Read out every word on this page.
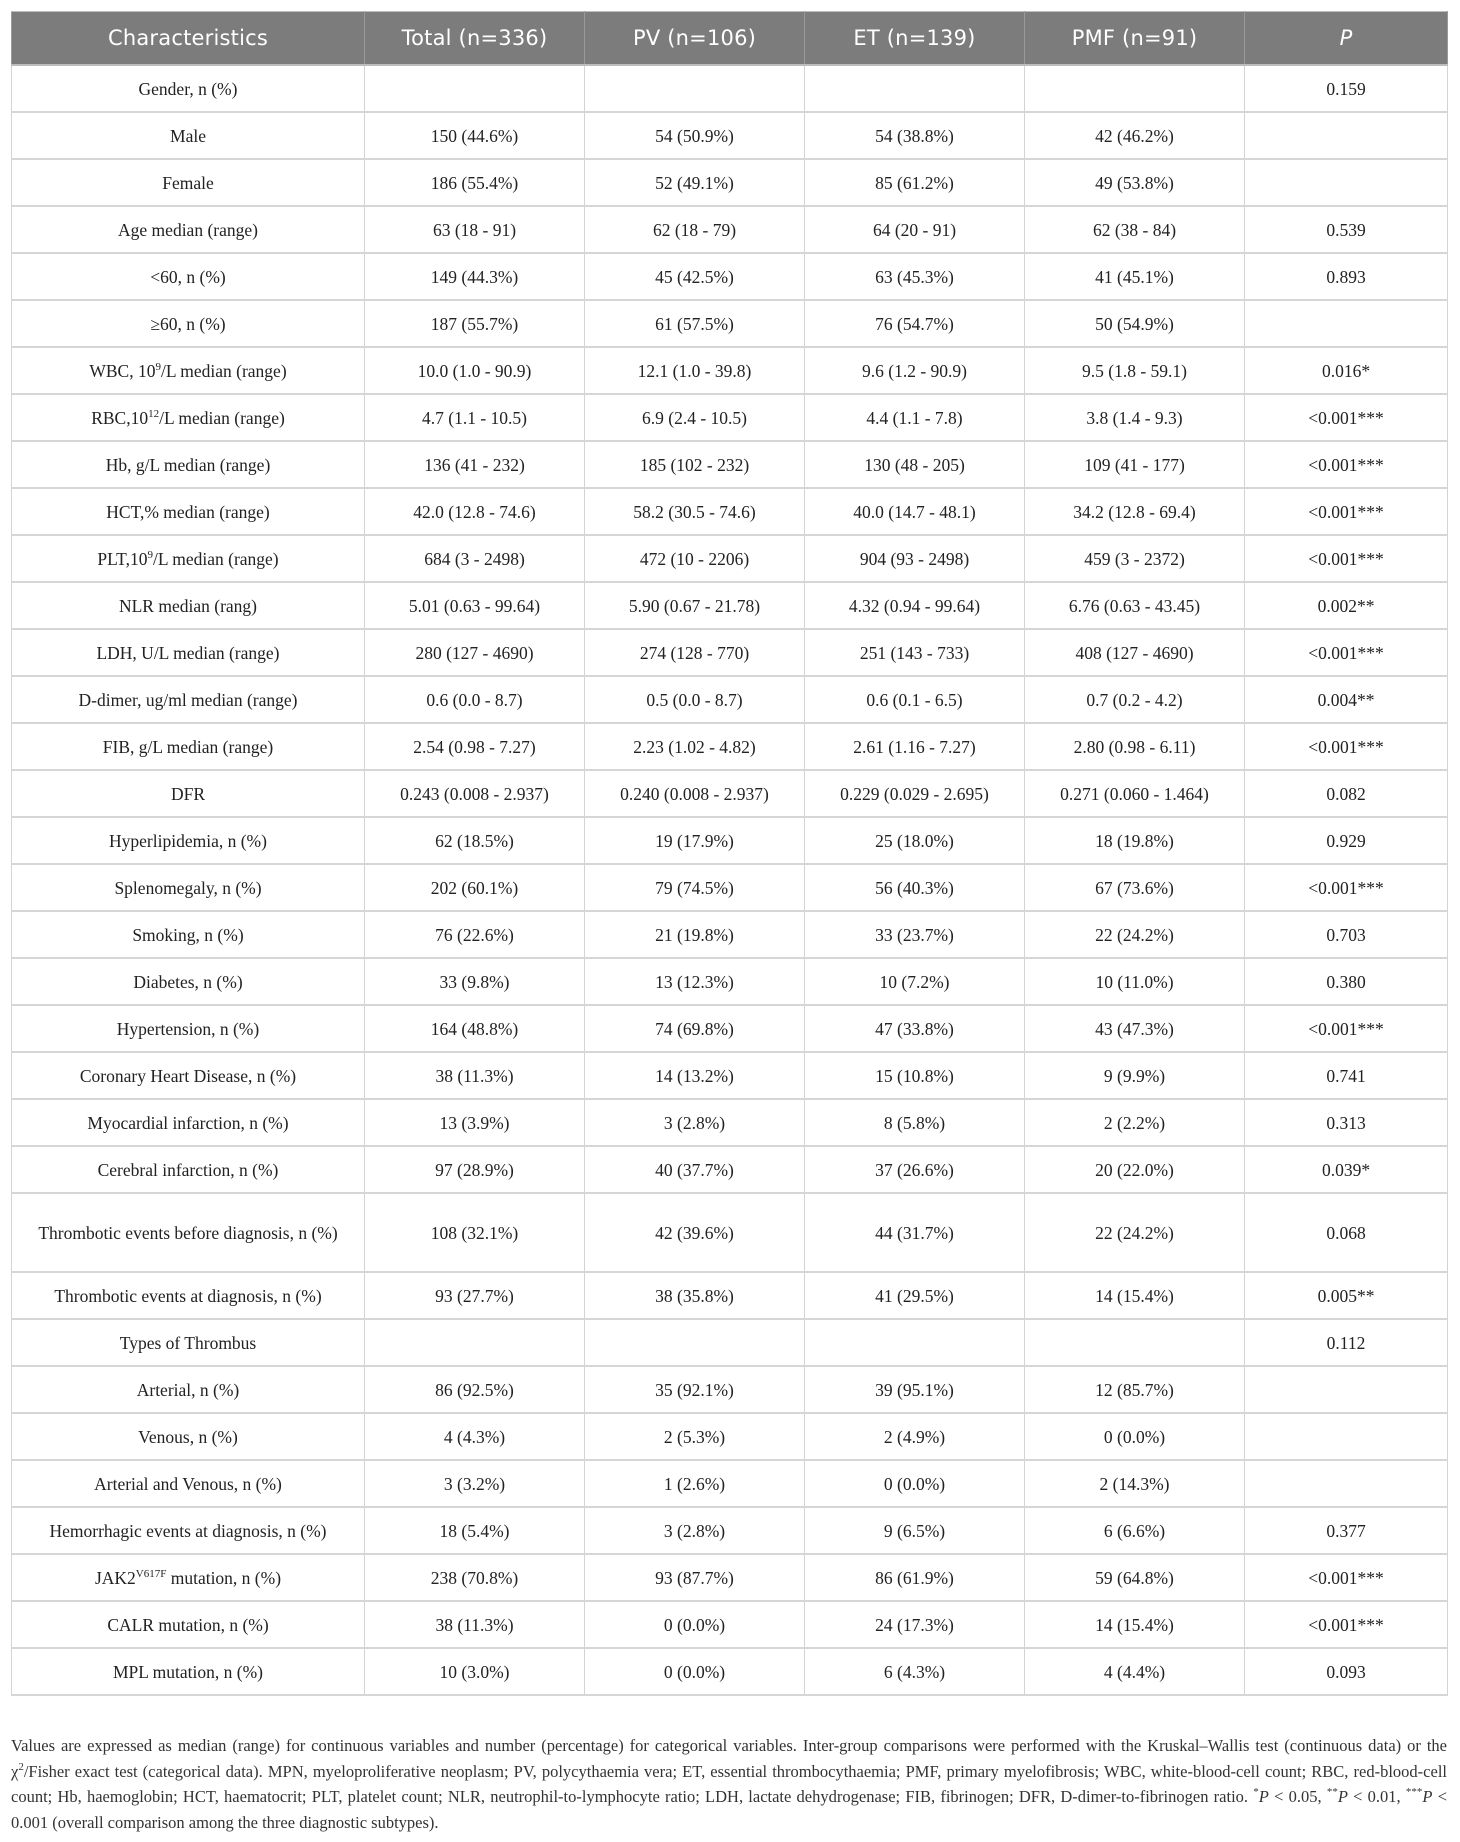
Characteristics	Total (n=336)	PV (n=106)	ET (n=139)	PMF (n=91)	P
Gender, n (%)					0.159
Male	150 (44.6%)	54 (50.9%)	54 (38.8%)	42 (46.2%)	
Female	186 (55.4%)	52 (49.1%)	85 (61.2%)	49 (53.8%)	
Age median (range)	63 (18 - 91)	62 (18 - 79)	64 (20 - 91)	62 (38 - 84)	0.539
<60, n (%)	149 (44.3%)	45 (42.5%)	63 (45.3%)	41 (45.1%)	0.893
≥60, n (%)	187 (55.7%)	61 (57.5%)	76 (54.7%)	50 (54.9%)	
WBC, $10^9/L$ median (range)	10.0 (1.0 - 90.9)	12.1 (1.0 - 39.8)	9.6 (1.2 - 90.9)	9.5 (1.8 - 59.1)	0.016*
$RBC,10^{12}/L$ median (range)	4.7 (1.1 - 10.5)	6.9 (2.4 - 10.5)	4.4 (1.1 - 7.8)	3.8 (1.4 - 9.3)	<0.001***
Hb, g/L median (range)	136 (41 - 232)	185 (102 - 232)	130 (48 - 205)	109 (41 - 177)	<0.001***
HCT,% median (range)	42.0 (12.8 - 74.6)	58.2 (30.5 - 74.6)	40.0 (14.7 - 48.1)	34.2 (12.8 - 69.4)	<0.001***
$PLT,10^9/L$ median (range)	684 (3 - 2498)	472 (10 - 2206)	904 (93 - 2498)	459 (3 - 2372)	<0.001***
NLR median (rang)	5.01 (0.63 - 99.64)	5.90 (0.67 - 21.78)	4.32 (0.94 - 99.64)	6.76 (0.63 - 43.45)	0.002**
LDH, U/L median (range)	280 (127 - 4690)	274 (128 - 770)	251 (143 - 733)	408 (127 - 4690)	<0.001***
D-dimer, ug/ml median (range)	0.6 (0.0 - 8.7)	0.5 (0.0 - 8.7)	0.6 (0.1 - 6.5)	0.7 (0.2 - 4.2)	0.004**
FIB, g/L median (range)	2.54 (0.98 - 7.27)	2.23 (1.02 - 4.82)	2.61 (1.16 - 7.27)	2.80 (0.98 - 6.11)	<0.001***
DFR	0.243 (0.008 - 2.937)	0.240 (0.008 - 2.937)	0.229 (0.029 - 2.695)	0.271 (0.060 - 1.464)	0.082
Hyperlipidemia, n (%)	62 (18.5%)	19 (17.9%)	25 (18.0%)	18 (19.8%)	0.929
Splenomegaly, n (%)	202 (60.1%)	79 (74.5%)	56 (40.3%)	67 (73.6%)	<0.001***
Smoking, n (%)	76 (22.6%)	21 (19.8%)	33 (23.7%)	22 (24.2%)	0.703
Diabetes, n (%)	33 (9.8%)	13 (12.3%)	10 (7.2%)	10 (11.0%)	0.380
Hypertension, n (%)	164 (48.8%)	74 (69.8%)	47 (33.8%)	43 (47.3%)	<0.001***
Coronary Heart Disease, n (%)	38 (11.3%)	14 (13.2%)	15 (10.8%)	9 (9.9%)	0.741
Myocardial infarction, n (%)	13 (3.9%)	3 (2.8%)	8 (5.8%)	2 (2.2%)	0.313
Cerebral infarction, n (%)	97 (28.9%)	40 (37.7%)	37 (26.6%)	20 (22.0%)	0.039*
Thrombotic events before diagnosis, n (%)	108 (32.1%)	42 (39.6%)	44 (31.7%)	22 (24.2%)	0.068
Thrombotic events at diagnosis, n (%)	93 (27.7%)	38 (35.8%)	41 (29.5%)	14 (15.4%)	0.005**
Types of Thrombus					0.112
Arterial, n (%)	86 (92.5%)	35 (92.1%)	39 (95.1%)	12 (85.7%)	
Venous, n (%)	4 (4.3%)	2 (5.3%)	2 (4.9%)	0 (0.0%)	
Arterial and Venous, n (%)	3 (3.2%)	1 (2.6%)	0 (0.0%)	2 (14.3%)	
Hemorrhagic events at diagnosis, n (%)	18 (5.4%)	3 (2.8%)	9 (6.5%)	6 (6.6%)	0.377
$JAK2^{V617F}$ mutation, n (%)	238 (70.8%)	93 (87.7%)	86 (61.9%)	59 (64.8%)	<0.001***
CALR mutation, n (%)	38 (11.3%)	0 (0.0%)	24 (17.3%)	14 (15.4%)	<0.001***
MPL mutation, n (%)	10 (3.0%)	0 (0.0%)	6 (4.3%)	4 (4.4%)	0.093
Values are expressed as median (range) for continuous variables and number (percentage) for categorical variables. Inter-group comparisons were performed with the Kruskal–Wallis test (continuous data) or the $\chi^2$/Fisher exact test (categorical data). MPN, myeloproliferative neoplasm; PV, polycythaemia vera; ET, essential thrombocythaemia; PMF, primary myelofibrosis; WBC, white-blood-cell count; RBC, red-blood-cell count; Hb, haemoglobin; HCT, haematocrit; PLT, platelet count; NLR, neutrophil-to-lymphocyte ratio; LDH, lactate dehydrogenase; FIB, fibrinogen; DFR, D-dimer-to-fibrinogen ratio. *P < 0.05, **P < 0.01, ***P < 0.001 (overall comparison among the three diagnostic subtypes).
